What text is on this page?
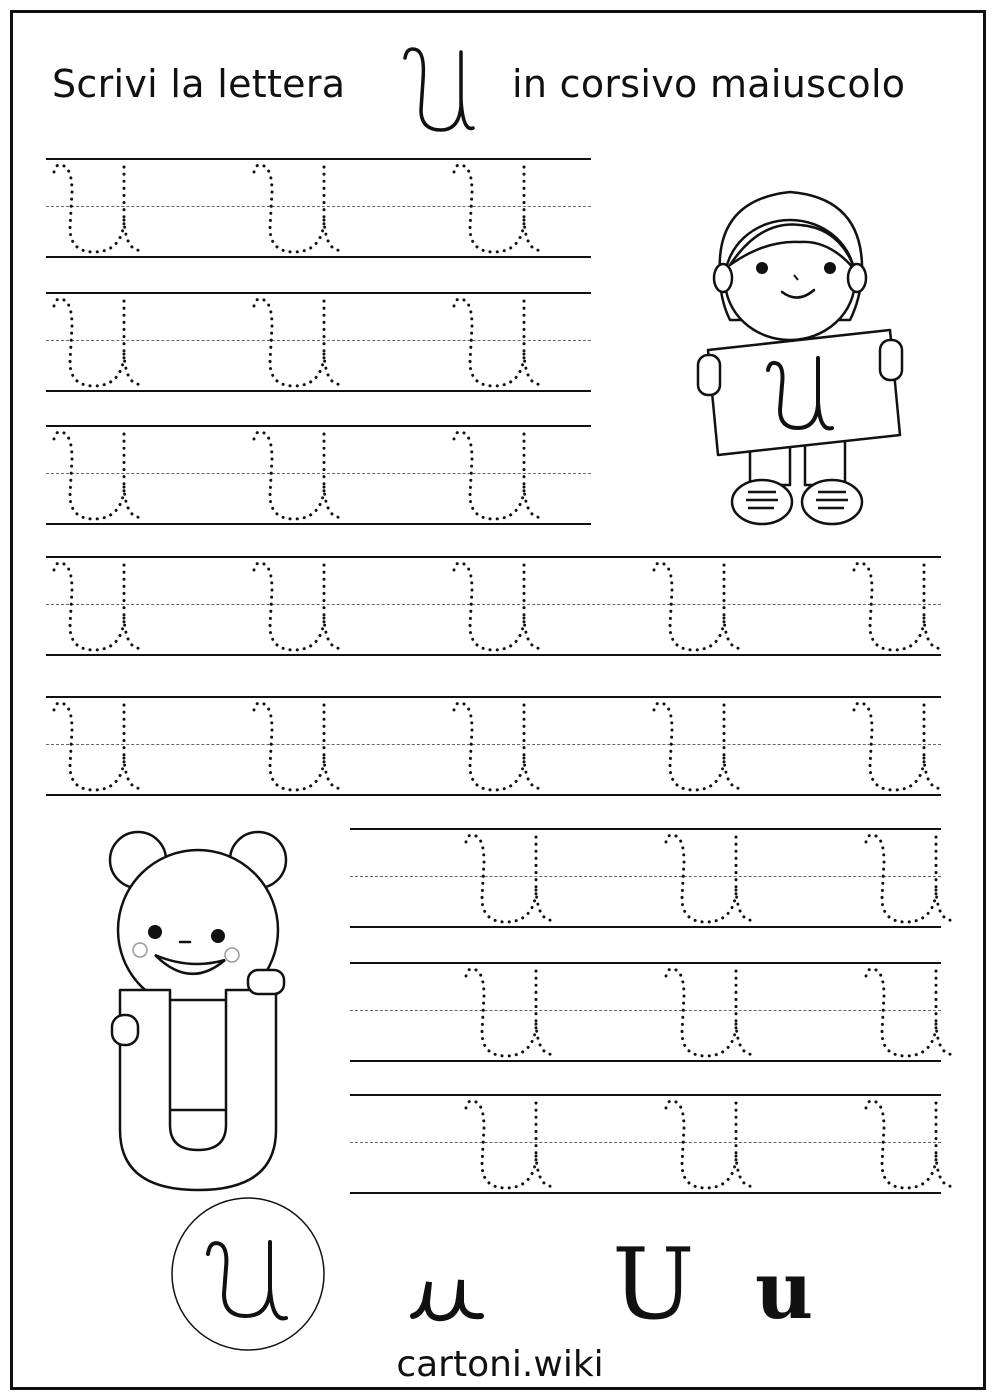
Scrivi la lettera	in corsivo maiuscolo
U u
cartoni.wiki
